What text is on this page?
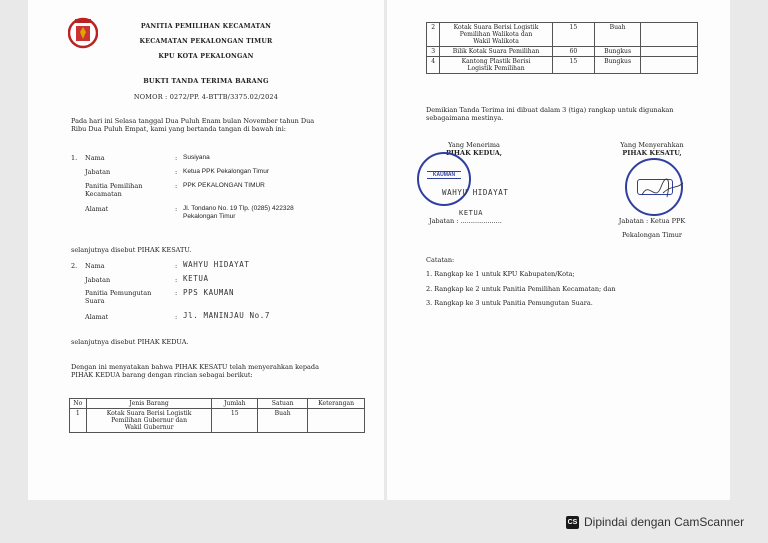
PANITIA PEMILIHAN KECAMATAN
KECAMATAN PEKALONGAN TIMUR
KPU KOTA PEKALONGAN
BUKTI TANDA TERIMA BARANG
NOMOR : 0272/PP. 4-BTTB/3375.02/2024
Pada hari ini Selasa tanggal Dua Puluh Enam bulan November tahun Dua
Ribu Dua Puluh Empat, kami yang bertanda tangan di bawah ini:
1. Nama	: Susiyana
Jabatan	: Ketua PPK Pekalongan Timur
Panitia Pemilihan
Kecamatan
: PPK PEKALONGAN TIMUR
Alamat	: Jl. Tondano No. 19 Tlp. (0285) 422328
Pekalongan Timur
selanjutnya disebut PIHAK KESATU.
2. Nama	: WAHYU HIDAYAT
Jabatan	: KETUA
Panitia Pemungutan
Suara
: PPS KAUMAN
Alamat	: Jl. MANINJAU No.7
selanjutnya disebut PIHAK KEDUA.
Dengan ini menyatakan bahwa PIHAK KESATU telah menyerahkan kepada
PIHAK KEDUA barang dengan rincian sebagai berikut:
No	Jenis Barang	Jumlah	Satuan	Keterangan
1	Kotak Suara Berisi Logistik
Pemilihan Gubernur dan
Wakil Gubernur	15	Buah	
2	Kotak Suara Berisi Logistik
Pemilihan Walikota dan
Wakil Walikota	15	Buah	
3	Bilik Kotak Suara Pemilihan	60	Bungkus	
4	Kantong Plastik Berisi
Logistik Pemilihan	15	Bungkus	
Demikian Tanda Terima ini dibuat dalam 3 (tiga) rangkap untuk digunakan
sebagaimana mestinya.
Yang Menerima
PIHAK KEDUA,
KAUMAN
WAHYU HIDAYAT
KETUA
Jabatan : ....................
Yang Menyerahkan
PIHAK KESATU,
Jabatan : Ketua PPK
Pekalongan Timur
Catatan:
1. Rangkap ke 1 untuk KPU Kabupaten/Kota;
2. Rangkap ke 2 untuk Panitia Pemilihan Kecamatan; dan
3. Rangkap ke 3 untuk Panitia Pemungutan Suara.
CS Dipindai dengan CamScanner
